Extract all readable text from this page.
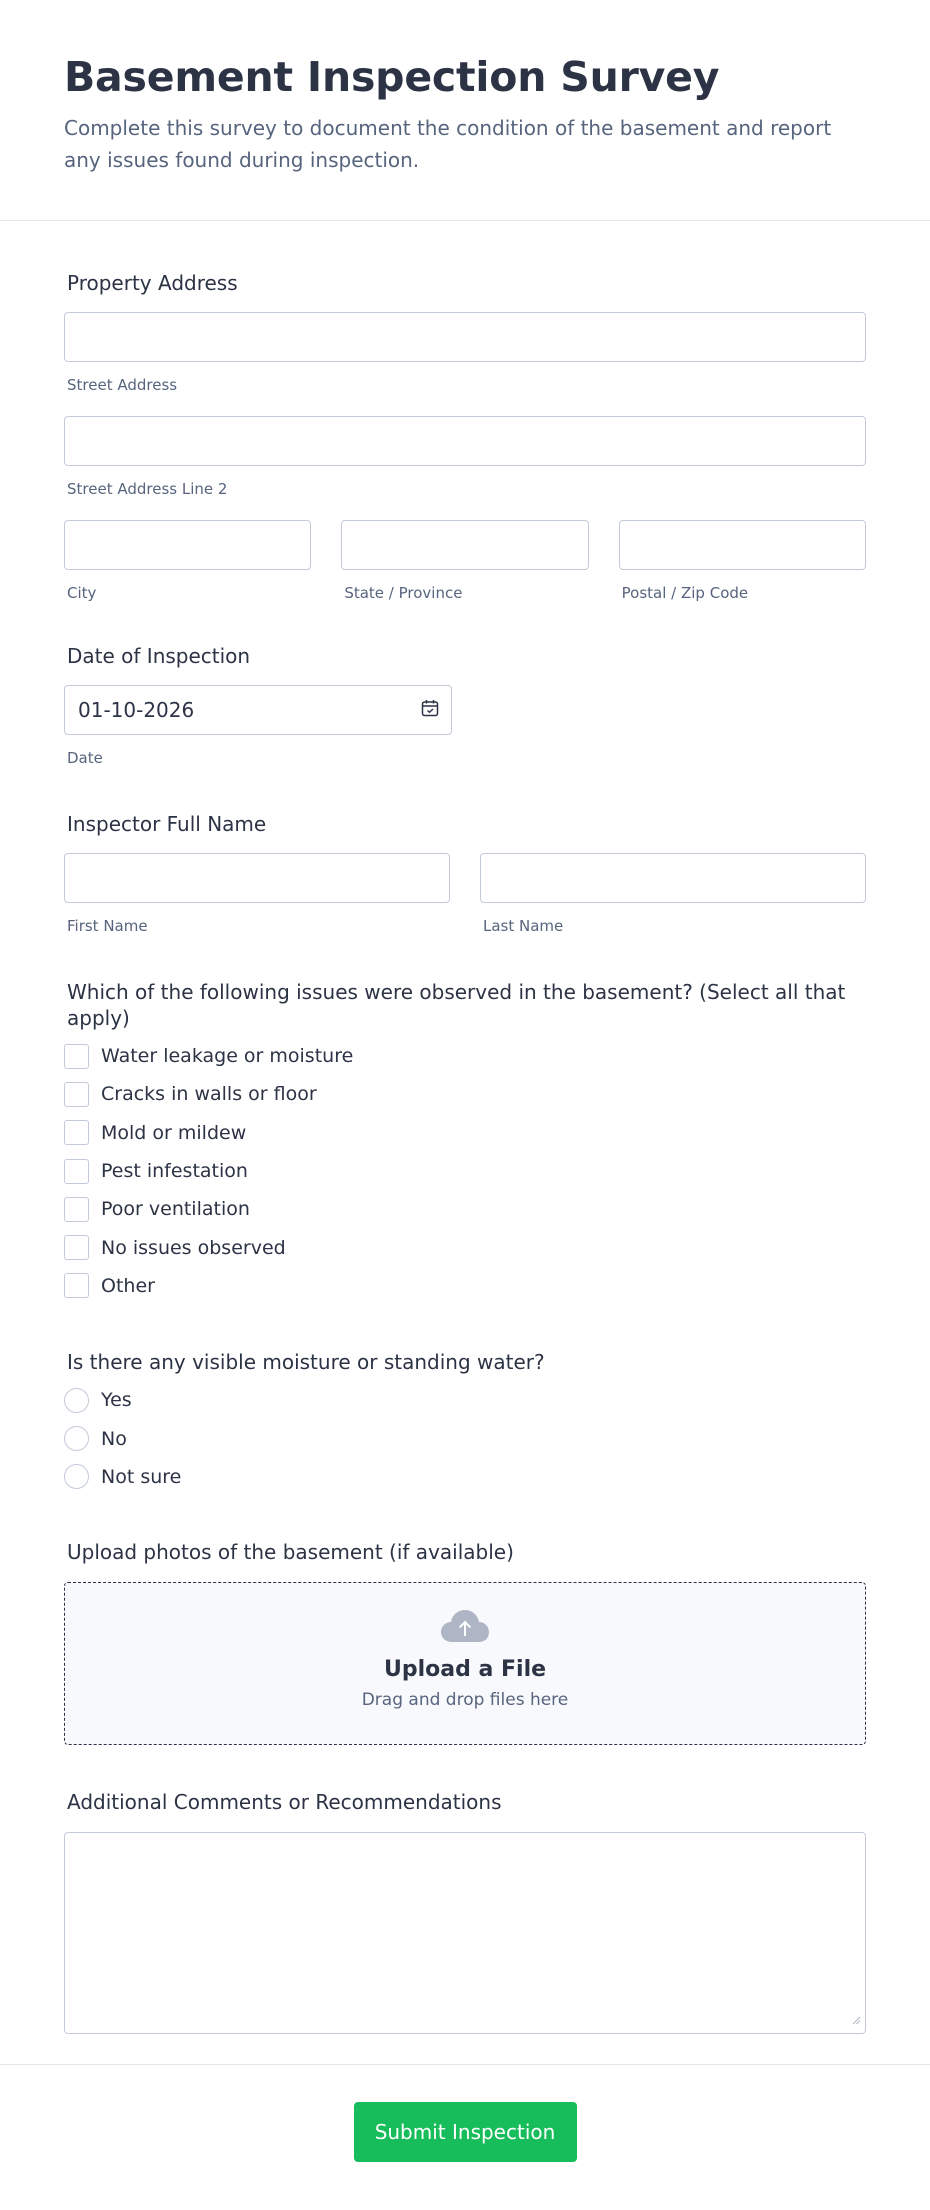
Basement Inspection Survey

Complete this survey to document the condition of the basement and report any issues found during inspection.

Property Address
Street Address
Street Address Line 2
City	State / Province	Postal / Zip Code
Date of Inspection
01-10-2026
Date
Inspector Full Name
First Name	Last Name
Which of the following issues were observed in the basement? (Select all that apply)
Water leakage or moisture
Cracks in walls or floor
Mold or mildew
Pest infestation
Poor ventilation
No issues observed
Other
Is there any visible moisture or standing water?
Yes
No
Not sure
Upload photos of the basement (if available)
Upload a File
Drag and drop files here
Additional Comments or Recommendations
Submit Inspection
